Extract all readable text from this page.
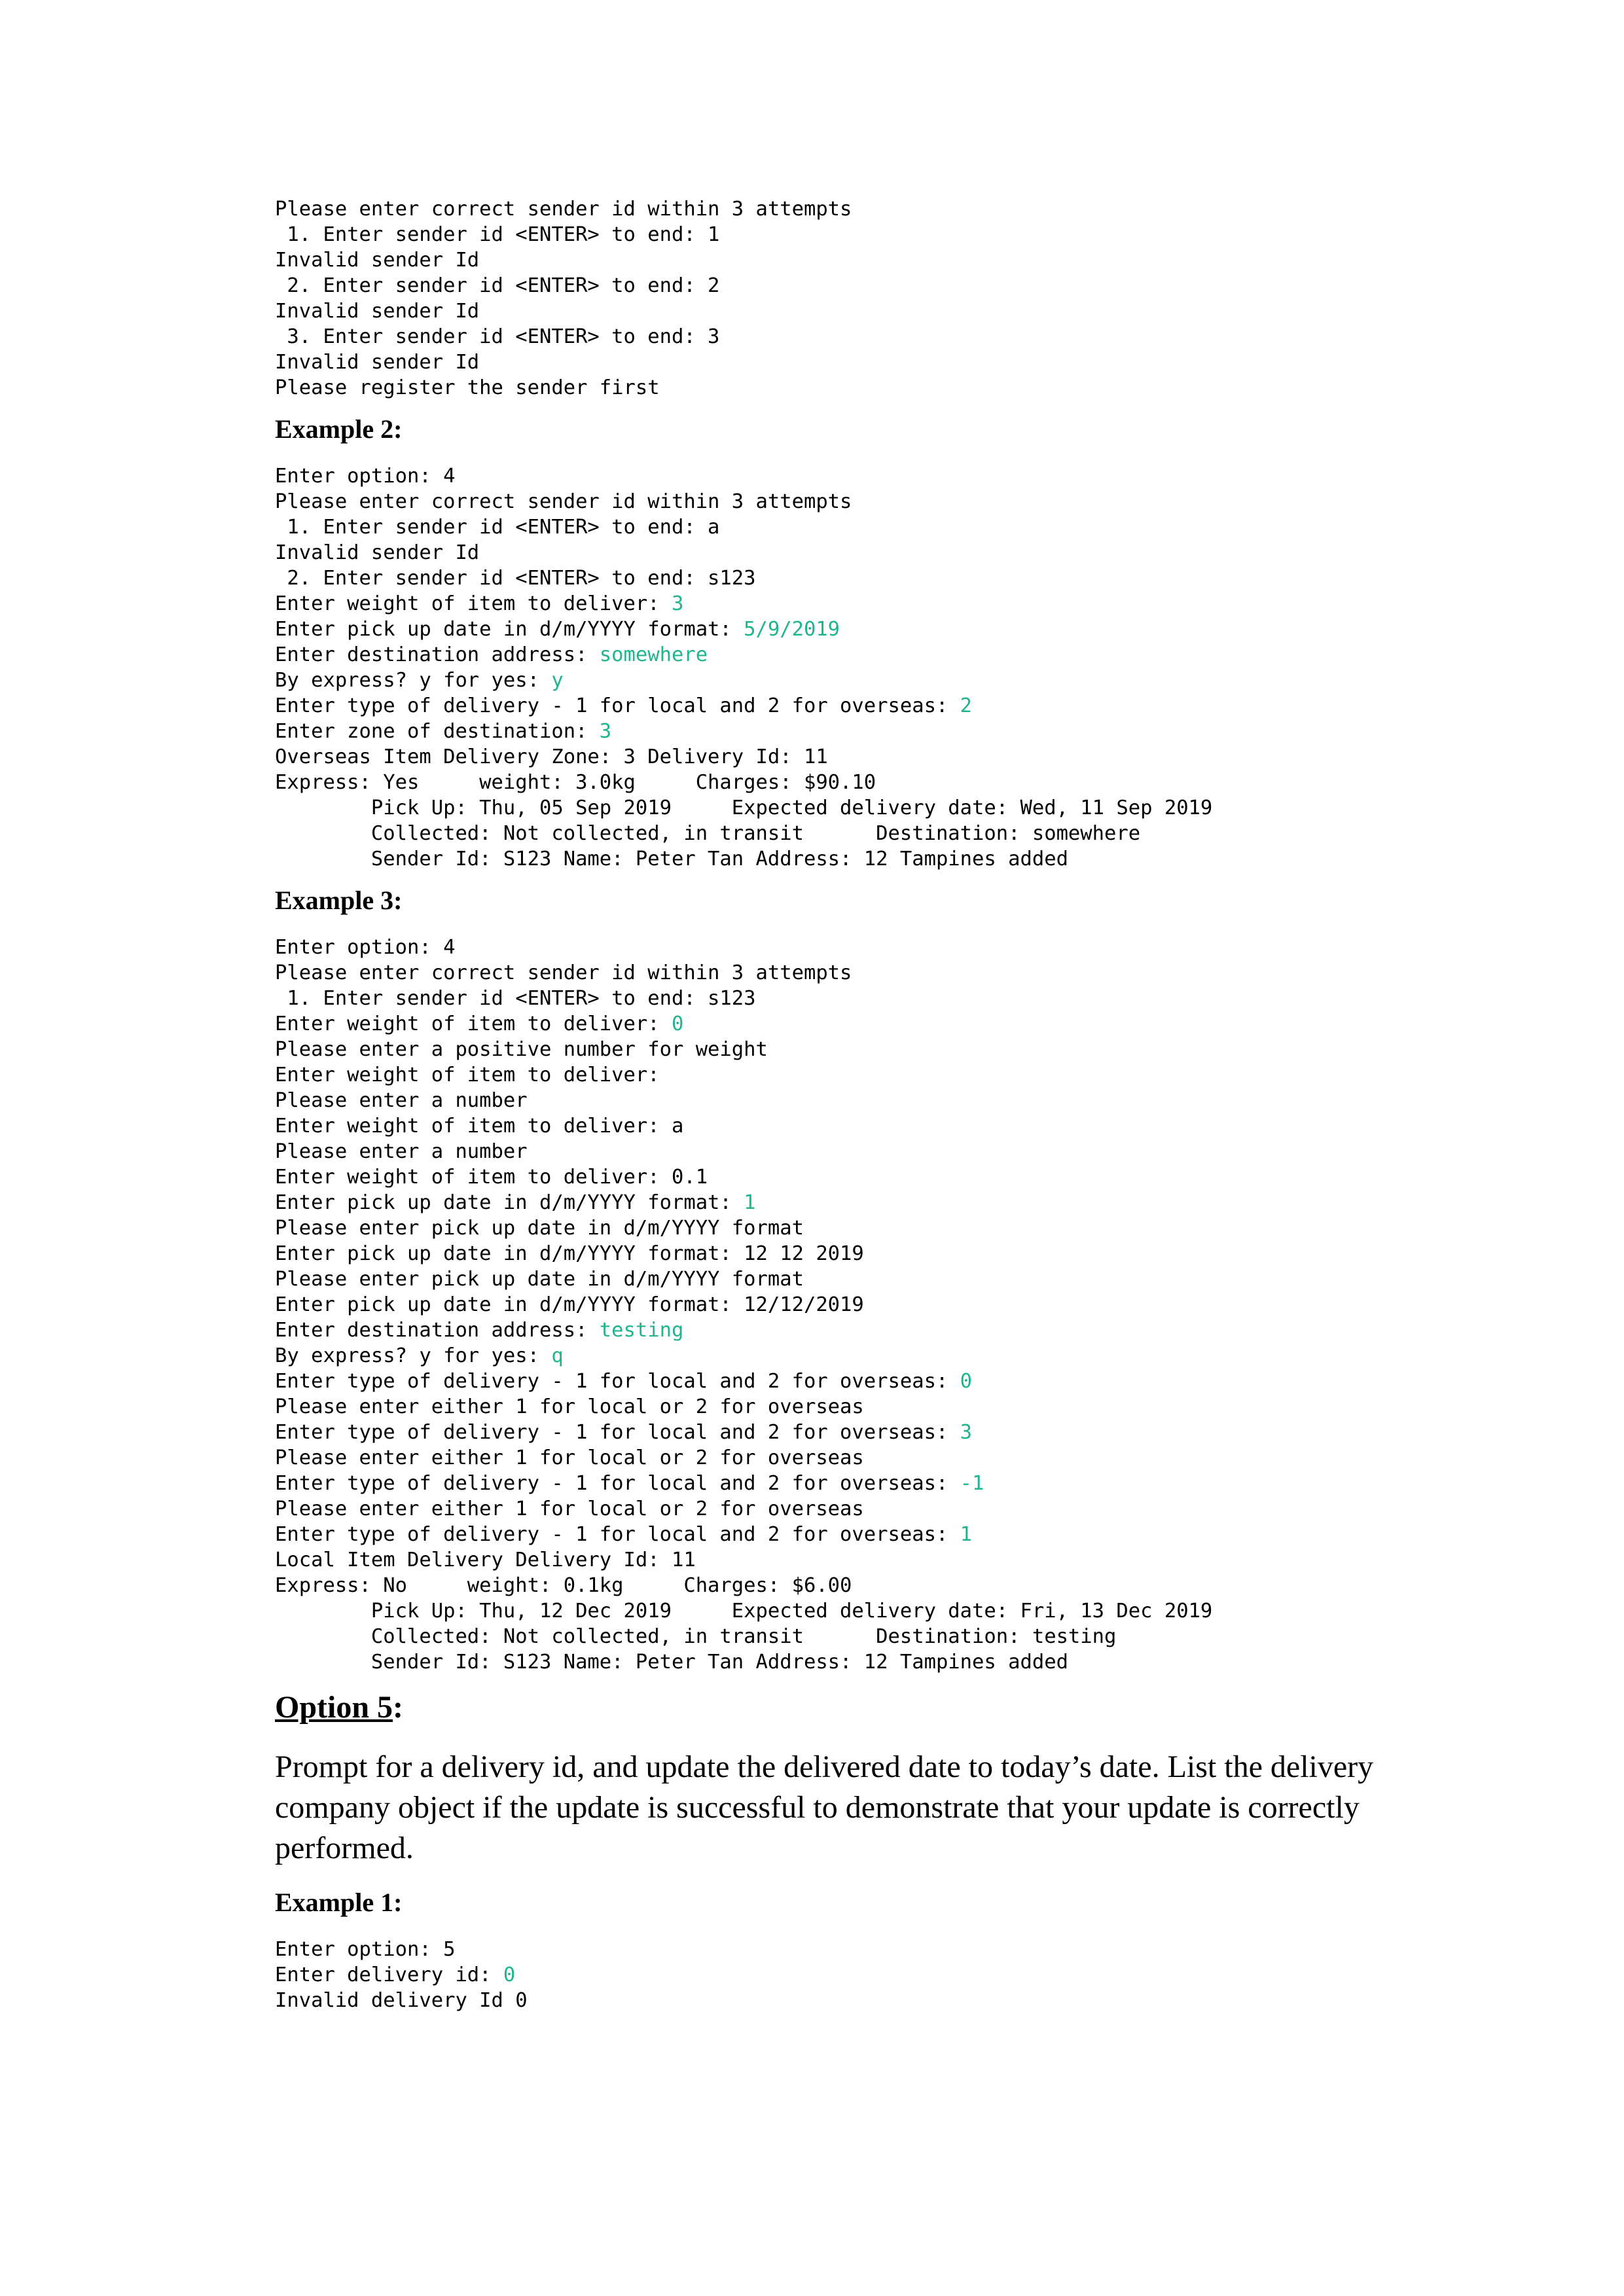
Please enter correct sender id within 3 attempts
1. Enter sender id <ENTER> to end: 1
Invalid sender Id
2. Enter sender id <ENTER> to end: 2
Invalid sender Id
3. Enter sender id <ENTER> to end: 3
Invalid sender Id
Please register the sender first
Example 2:
Enter option: 4
Please enter correct sender id within 3 attempts
1. Enter sender id <ENTER> to end: a
Invalid sender Id
2. Enter sender id <ENTER> to end: s123
Enter weight of item to deliver: 3
Enter pick up date in d/m/YYYY format: 5/9/2019
Enter destination address: somewhere
By express? y for yes: y
Enter type of delivery - 1 for local and 2 for overseas: 2
Enter zone of destination: 3
Overseas Item Delivery Zone: 3 Delivery Id: 11
Express: Yes     weight: 3.0kg     Charges: $90.10
Pick Up: Thu, 05 Sep 2019     Expected delivery date: Wed, 11 Sep 2019
Collected: Not collected, in transit      Destination: somewhere
Sender Id: S123 Name: Peter Tan Address: 12 Tampines added
Example 3:
Enter option: 4
Please enter correct sender id within 3 attempts
1. Enter sender id <ENTER> to end: s123
Enter weight of item to deliver: 0
Please enter a positive number for weight
Enter weight of item to deliver:
Please enter a number
Enter weight of item to deliver: a
Please enter a number
Enter weight of item to deliver: 0.1
Enter pick up date in d/m/YYYY format: 1
Please enter pick up date in d/m/YYYY format
Enter pick up date in d/m/YYYY format: 12 12 2019
Please enter pick up date in d/m/YYYY format
Enter pick up date in d/m/YYYY format: 12/12/2019
Enter destination address: testing
By express? y for yes: q
Enter type of delivery - 1 for local and 2 for overseas: 0
Please enter either 1 for local or 2 for overseas
Enter type of delivery - 1 for local and 2 for overseas: 3
Please enter either 1 for local or 2 for overseas
Enter type of delivery - 1 for local and 2 for overseas: -1
Please enter either 1 for local or 2 for overseas
Enter type of delivery - 1 for local and 2 for overseas: 1
Local Item Delivery Delivery Id: 11
Express: No     weight: 0.1kg     Charges: $6.00
Pick Up: Thu, 12 Dec 2019     Expected delivery date: Fri, 13 Dec 2019
Collected: Not collected, in transit      Destination: testing
Sender Id: S123 Name: Peter Tan Address: 12 Tampines added
Option 5:

Prompt for a delivery id, and update the delivered date to today’s date. List the delivery company object if the update is successful to demonstrate that your update is correctly performed.

Example 1:
Enter option: 5
Enter delivery id: 0
Invalid delivery Id 0
